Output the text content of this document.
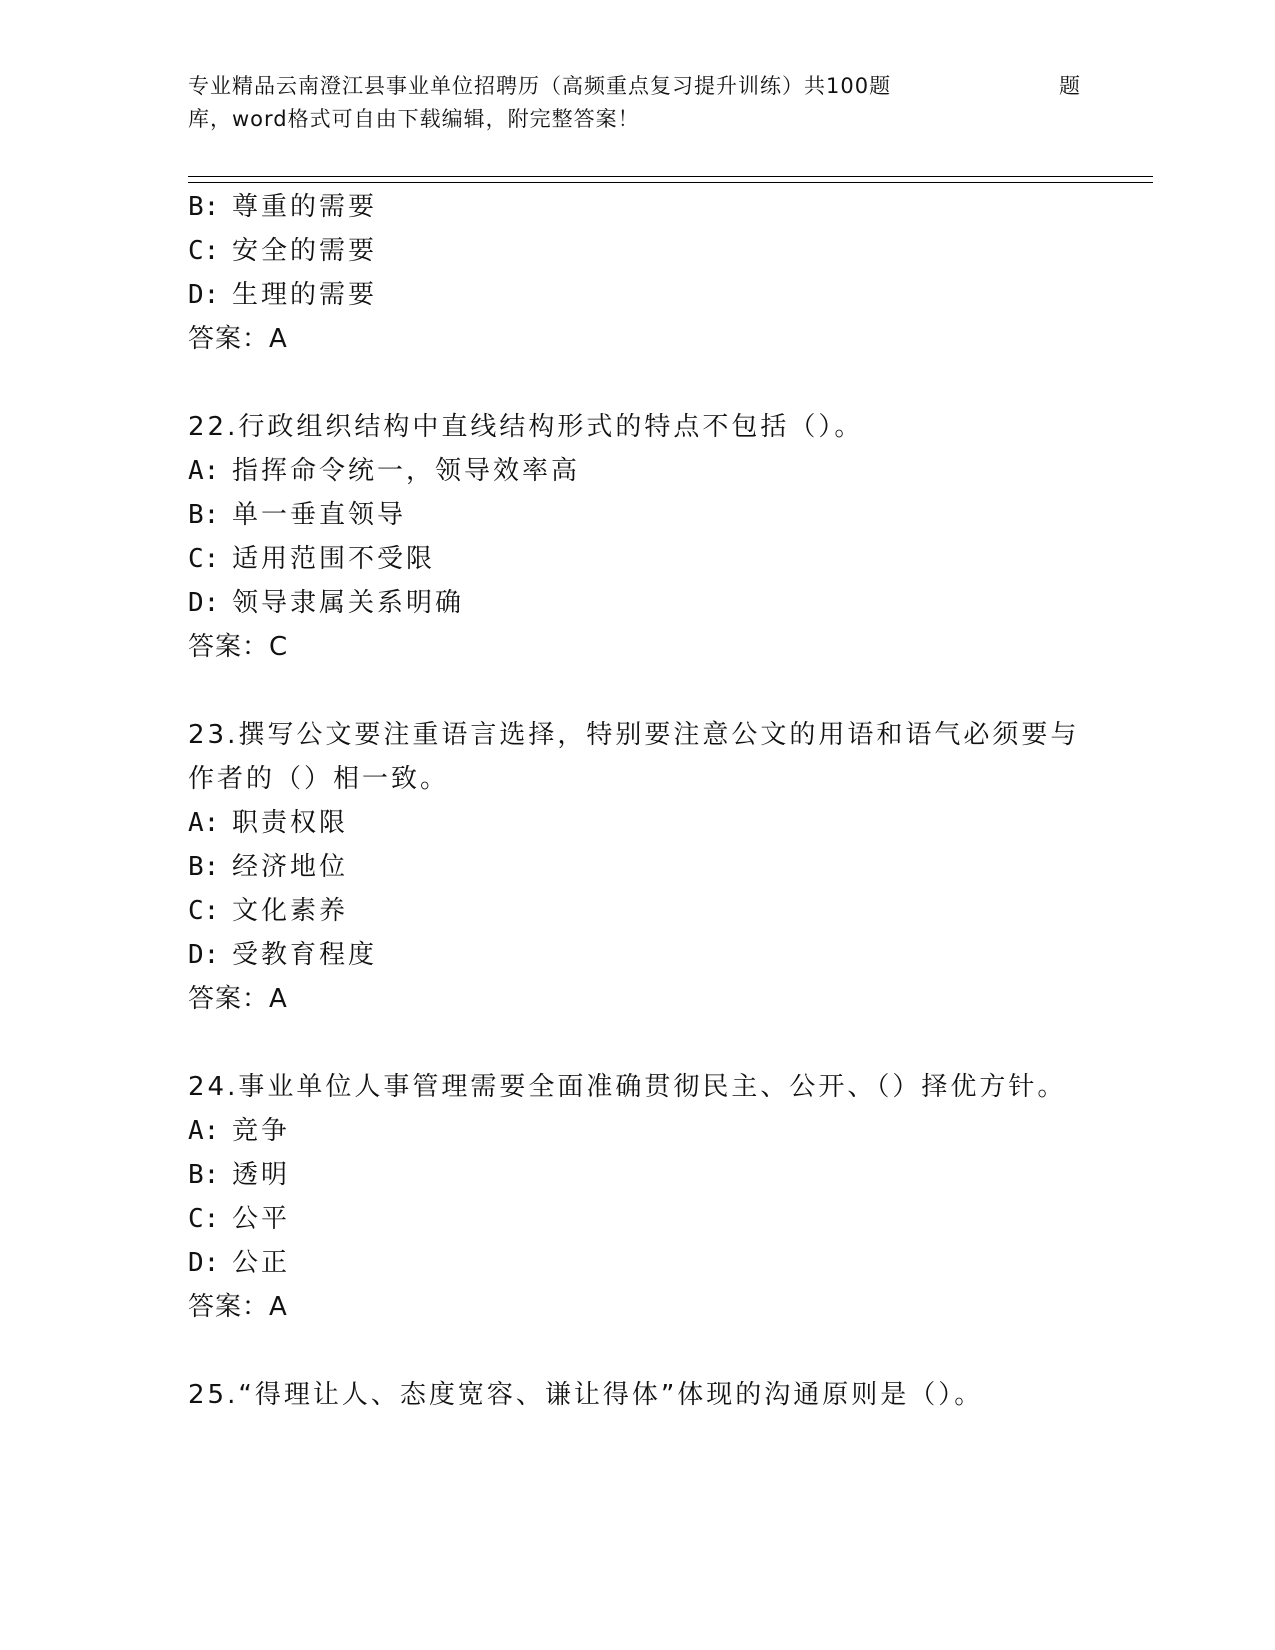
专业精品云南澄江县事业单位招聘历（高频重点复习提升训练）共100题	题
库，word格式可自由下载编辑，附完整答案！
B: 尊重的需要
C: 安全的需要
D: 生理的需要
答案：A
22.行政组织结构中直线结构形式的特点不包括（）。
A: 指挥命令统一，领导效率高
B: 单一垂直领导
C: 适用范围不受限
D: 领导隶属关系明确
答案：C
23.撰写公文要注重语言选择，特别要注意公文的用语和语气必须要与
作者的（）相一致。
A: 职责权限
B: 经济地位
C: 文化素养
D: 受教育程度
答案：A
24.事业单位人事管理需要全面准确贯彻民主、公开、（）择优方针。
A: 竞争
B: 透明
C: 公平
D: 公正
答案：A
25.“得理让人、态度宽容、谦让得体”体现的沟通原则是（）。
